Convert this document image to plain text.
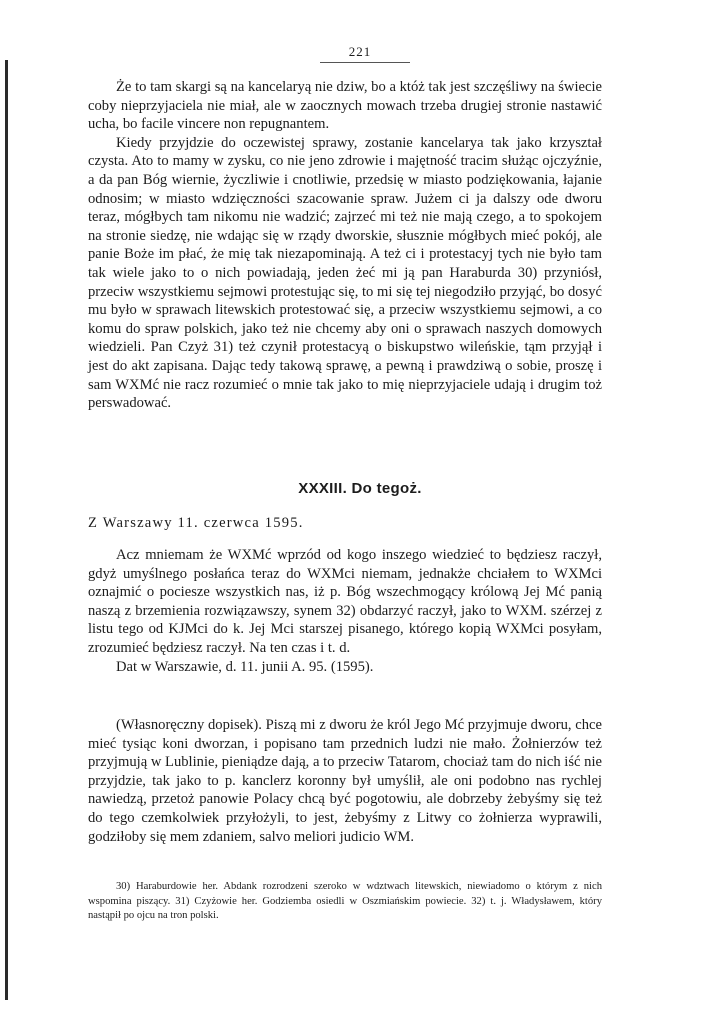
221

Że to tam skargi są na kancelaryą nie dziw, bo a któż tak jest szczęśliwy na świecie coby nieprzyjaciela nie miał, ale w zaocznych mowach trzeba drugiej stronie nastawić ucha, bo facile vincere non repugnantem.

Kiedy przyjdzie do oczewistej sprawy, zostanie kancelarya tak jako krzyształ czysta. Ato to mamy w zysku, co nie jeno zdrowie i majętność tracim służąc ojczyźnie, a da pan Bóg wiernie, życzliwie i cnotliwie, przedsię w miasto podziękowania, łajanie odnosim; w miasto wdzięczności szacowanie spraw. Jużem ci ja dalszy ode dworu teraz, mógłbych tam nikomu nie wadzić; zajrzeć mi też nie mają czego, a to spokojem na stronie siedzę, nie wdając się w rządy dworskie, słusznie mógłbych mieć pokój, ale panie Boże im płać, że mię tak niezapominają. A też ci i protestacyj tych nie było tam tak wiele jako to o nich powiadają, jeden żeć mi ją pan Haraburda 30) przyniósł, przeciw wszystkiemu sejmowi protestując się, to mi się tej niegodziło przyjąć, bo dosyć mu było w sprawach litewskich protestować się, a przeciw wszystkiemu sejmowi, a co komu do spraw polskich, jako też nie chcemy aby oni o sprawach naszych domowych wiedzieli. Pan Czyż 31) też czynił protestacyą o biskupstwo wileńskie, tąm przyjął i jest do akt zapisana. Dając tedy takową sprawę, a pewną i prawdziwą o sobie, proszę i sam WXMć nie racz rozumieć o mnie tak jako to mię nieprzyjaciele udają i drugim toż perswadować.

XXXIII. Do tegoż.
Z Warszawy 11. czerwca 1595.

Acz mniemam że WXMć wprzód od kogo inszego wiedzieć to będziesz raczył, gdyż umyślnego posłańca teraz do WXMci niemam, jednakże chciałem to WXMci oznajmić o pociesze wszystkich nas, iż p. Bóg wszechmogący królową Jej Mć panią naszą z brzemienia rozwiązawszy, synem 32) obdarzyć raczył, jako to WXM. szérzej z listu tego od KJMci do k. Jej Mci starszej pisanego, którego kopią WXMci posyłam, zrozumieć będziesz raczył. Na ten czas i t. d.

Dat w Warszawie, d. 11. junii A. 95. (1595).

(Własnoręczny dopisek). Piszą mi z dworu że król Jego Mć przyjmuje dworu, chce mieć tysiąc koni dworzan, i popisano tam przednich ludzi nie mało. Żołnierzów też przyjmują w Lublinie, pieniądze dają, a to przeciw Tatarom, chociaż tam do nich iść nie przyjdzie, tak jako to p. kanclerz koronny był umyślił, ale oni podobno nas rychlej nawiedzą, przetoż panowie Polacy chcą być pogotowiu, ale dobrzeby żebyśmy się też do tego czemkolwiek przyłożyli, to jest, żebyśmy z Litwy co żołnierza wyprawili, godziłoby się mem zdaniem, salvo meliori judicio WM.

30) Haraburdowie her. Abdank rozrodzeni szeroko w wdztwach litewskich, niewiadomo o którym z nich wspomina piszący. 31) Czyżowie her. Godziemba osiedli w Oszmiańskim powiecie. 32) t. j. Władysławem, który nastąpił po ojcu na tron polski.
